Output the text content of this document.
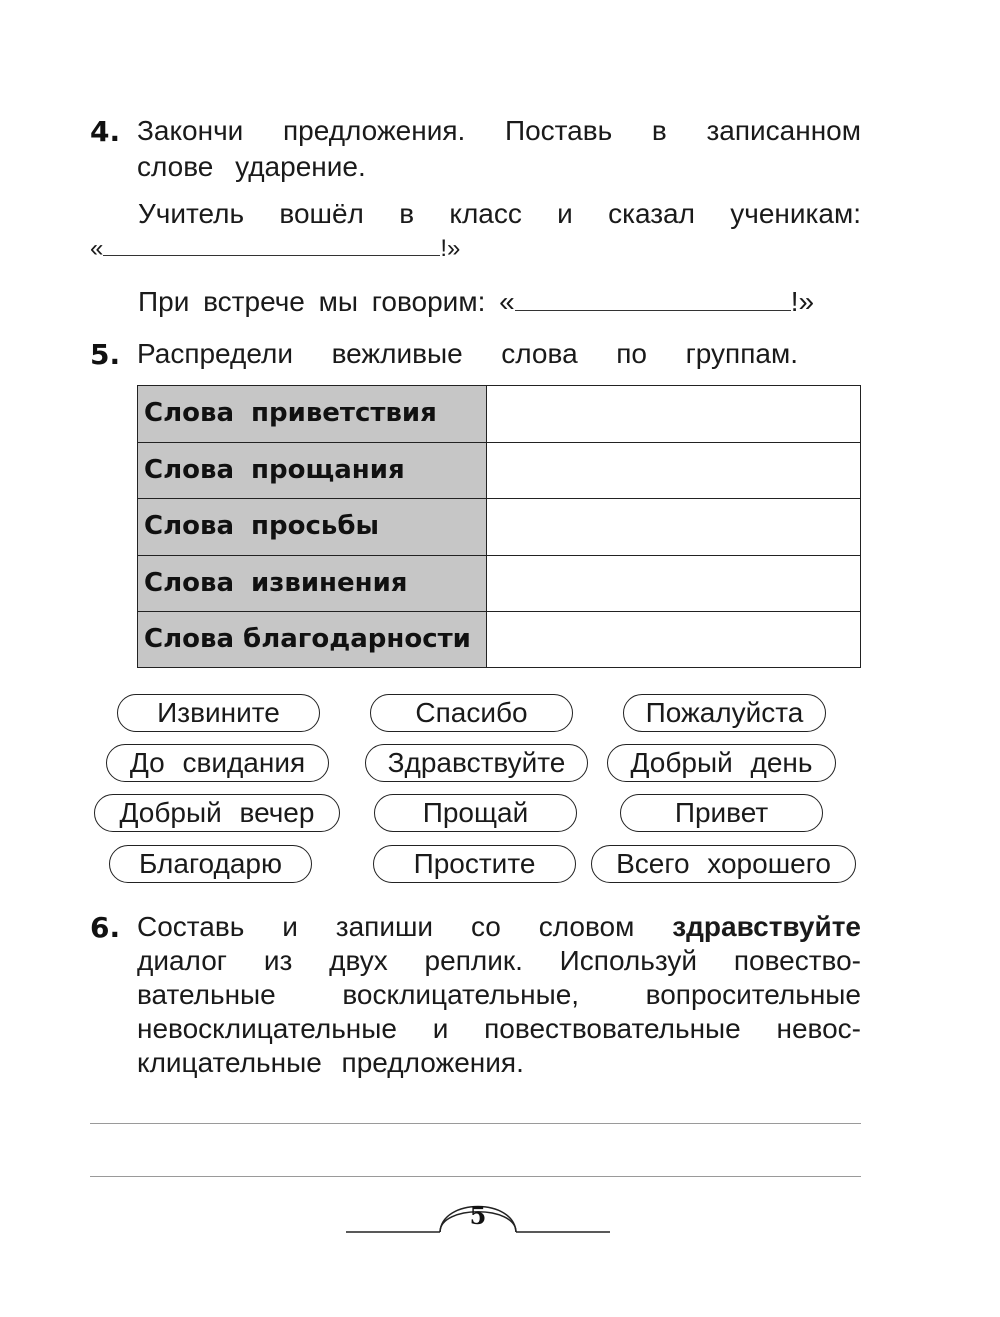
4. Закончи предложения. Поставь в записанном
слове ударение.
Учитель вошёл в класс и сказал ученикам:
«	!»
При встрече мы говорим: «	!»
5. Распредели вежливые слова по группам.
Слова приветствия
Слова прощания
Слова просьбы
Слова извинения
Слова благодарности
Извините	Спасибо	Пожалуйста
До свидания	Здравствуйте	Добрый день
Добрый вечер	Прощай	Привет
Благодарю	Простите	Всего хорошего
6. Составь и запиши со словом здравствуйте
диалог из двух реплик. Используй повество-
вательные восклицательные, вопросительные
невосклицательные и повествовательные невос-
клицательные предложения.
5
